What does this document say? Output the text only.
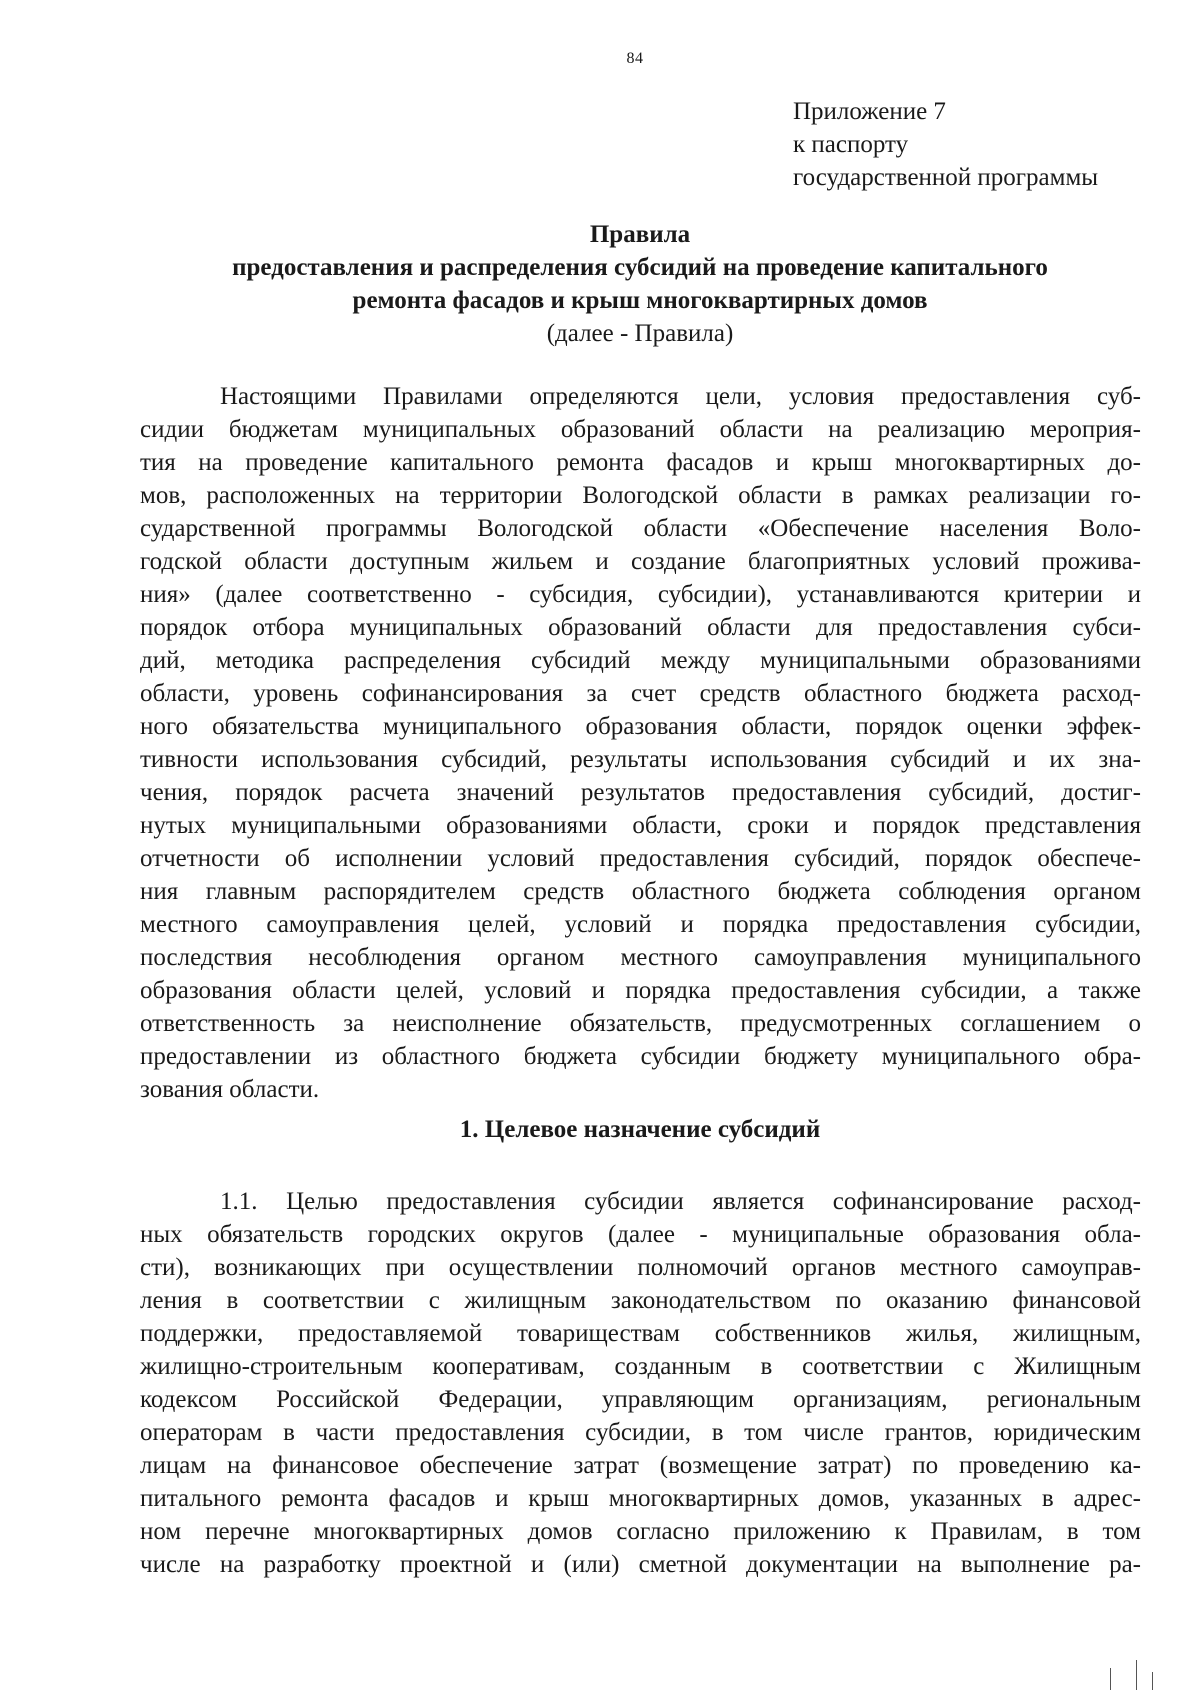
84
Приложение 7
к паспорту
государственной программы
Правила
предоставления и распределения субсидий на проведение капитального
ремонта фасадов и крыш многоквартирных домов
(далее - Правила)
Настоящими Правилами определяются цели, условия предоставления суб-
сидии бюджетам муниципальных образований области на реализацию мероприя-
тия на проведение капитального ремонта фасадов и крыш многоквартирных до-
мов, расположенных на территории Вологодской области в рамках реализации го-
сударственной программы Вологодской области «Обеспечение населения Воло-
годской области доступным жильем и создание благоприятных условий прожива-
ния» (далее соответственно - субсидия, субсидии), устанавливаются критерии и
порядок отбора муниципальных образований области для предоставления субси-
дий, методика распределения субсидий между муниципальными образованиями
области, уровень софинансирования за счет средств областного бюджета расход-
ного обязательства муниципального образования области, порядок оценки эффек-
тивности использования субсидий, результаты использования субсидий и их зна-
чения, порядок расчета значений результатов предоставления субсидий, достиг-
нутых муниципальными образованиями области, сроки и порядок представления
отчетности об исполнении условий предоставления субсидий, порядок обеспече-
ния главным распорядителем средств областного бюджета соблюдения органом
местного самоуправления целей, условий и порядка предоставления субсидии,
последствия несоблюдения органом местного самоуправления муниципального
образования области целей, условий и порядка предоставления субсидии, а также
ответственность за неисполнение обязательств, предусмотренных соглашением о
предоставлении из областного бюджета субсидии бюджету муниципального обра-
зования области.
1. Целевое назначение субсидий
1.1. Целью предоставления субсидии является софинансирование расход-
ных обязательств городских округов (далее - муниципальные образования обла-
сти), возникающих при осуществлении полномочий органов местного самоуправ-
ления в соответствии с жилищным законодательством по оказанию финансовой
поддержки, предоставляемой товариществам собственников жилья, жилищным,
жилищно-строительным кооперативам, созданным в соответствии с Жилищным
кодексом Российской Федерации, управляющим организациям, региональным
операторам в части предоставления субсидии, в том числе грантов, юридическим
лицам на финансовое обеспечение затрат (возмещение затрат) по проведению ка-
питального ремонта фасадов и крыш многоквартирных домов, указанных в адрес-
ном перечне многоквартирных домов согласно приложению к Правилам, в том
числе на разработку проектной и (или) сметной документации на выполнение ра-
